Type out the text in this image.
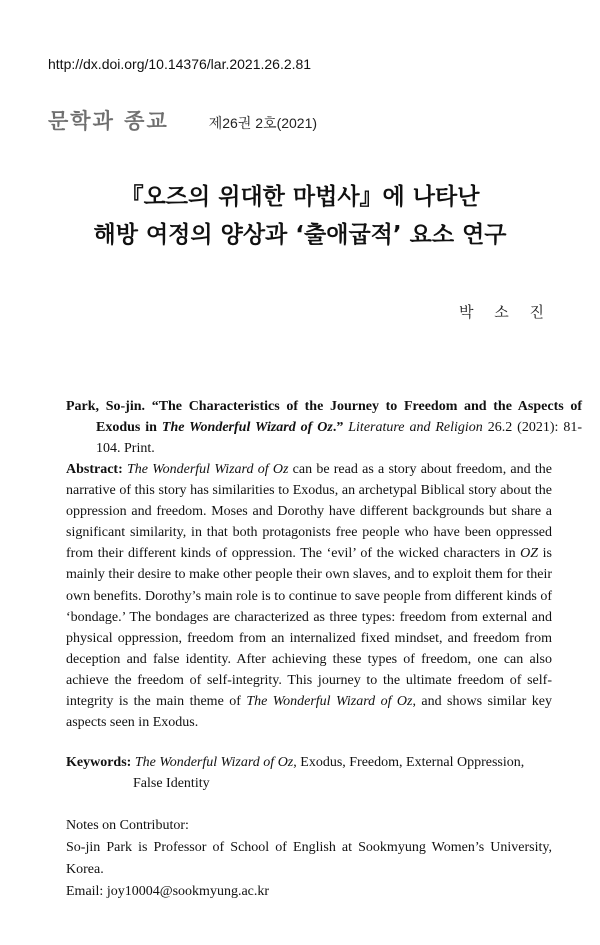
http://dx.doi.org/10.14376/lar.2021.26.2.81
문학과 종교	제26권 2호(2021)
『오즈의 위대한 마법사』에 나타난
해방 여정의 양상과 ‘출애굽적’ 요소 연구
박 소 진
Park, So-jin. “The Characteristics of the Journey to Freedom and the Aspects of Exodus in The Wonderful Wizard of Oz.” Literature and Religion 26.2 (2021): 81-104. Print.
Abstract: The Wonderful Wizard of Oz can be read as a story about freedom, and the narrative of this story has similarities to Exodus, an archetypal Biblical story about the oppression and freedom. Moses and Dorothy have different backgrounds but share a significant similarity, in that both protagonists free people who have been oppressed from their different kinds of oppression. The ‘evil’ of the wicked characters in OZ is mainly their desire to make other people their own slaves, and to exploit them for their own benefits. Dorothy’s main role is to continue to save people from different kinds of ‘bondage.’ The bondages are characterized as three types: freedom from external and physical oppression, freedom from an internalized fixed mindset, and freedom from deception and false identity. After achieving these types of freedom, one can also achieve the freedom of self-integrity. This journey to the ultimate freedom of self-integrity is the main theme of The Wonderful Wizard of Oz, and shows similar key aspects seen in Exodus.
Keywords: The Wonderful Wizard of Oz, Exodus, Freedom, External Oppression,
False Identity
Notes on Contributor:
So-jin Park is Professor of School of English at Sookmyung Women’s University, Korea.
Email: joy10004@sookmyung.ac.kr
